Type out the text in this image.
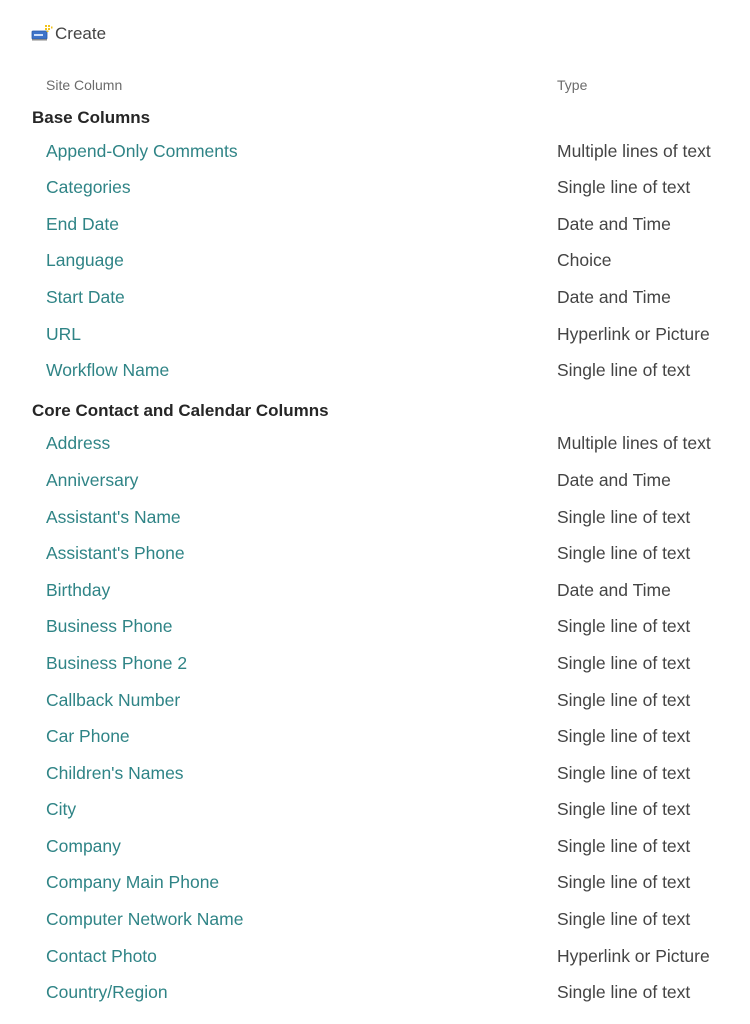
Create
Site Column	Type
Base Columns
Append-Only Comments	Multiple lines of text
Categories	Single line of text
End Date	Date and Time
Language	Choice
Start Date	Date and Time
URL	Hyperlink or Picture
Workflow Name	Single line of text
Core Contact and Calendar Columns
Address	Multiple lines of text
Anniversary	Date and Time
Assistant's Name	Single line of text
Assistant's Phone	Single line of text
Birthday	Date and Time
Business Phone	Single line of text
Business Phone 2	Single line of text
Callback Number	Single line of text
Car Phone	Single line of text
Children's Names	Single line of text
City	Single line of text
Company	Single line of text
Company Main Phone	Single line of text
Computer Network Name	Single line of text
Contact Photo	Hyperlink or Picture
Country/Region	Single line of text
